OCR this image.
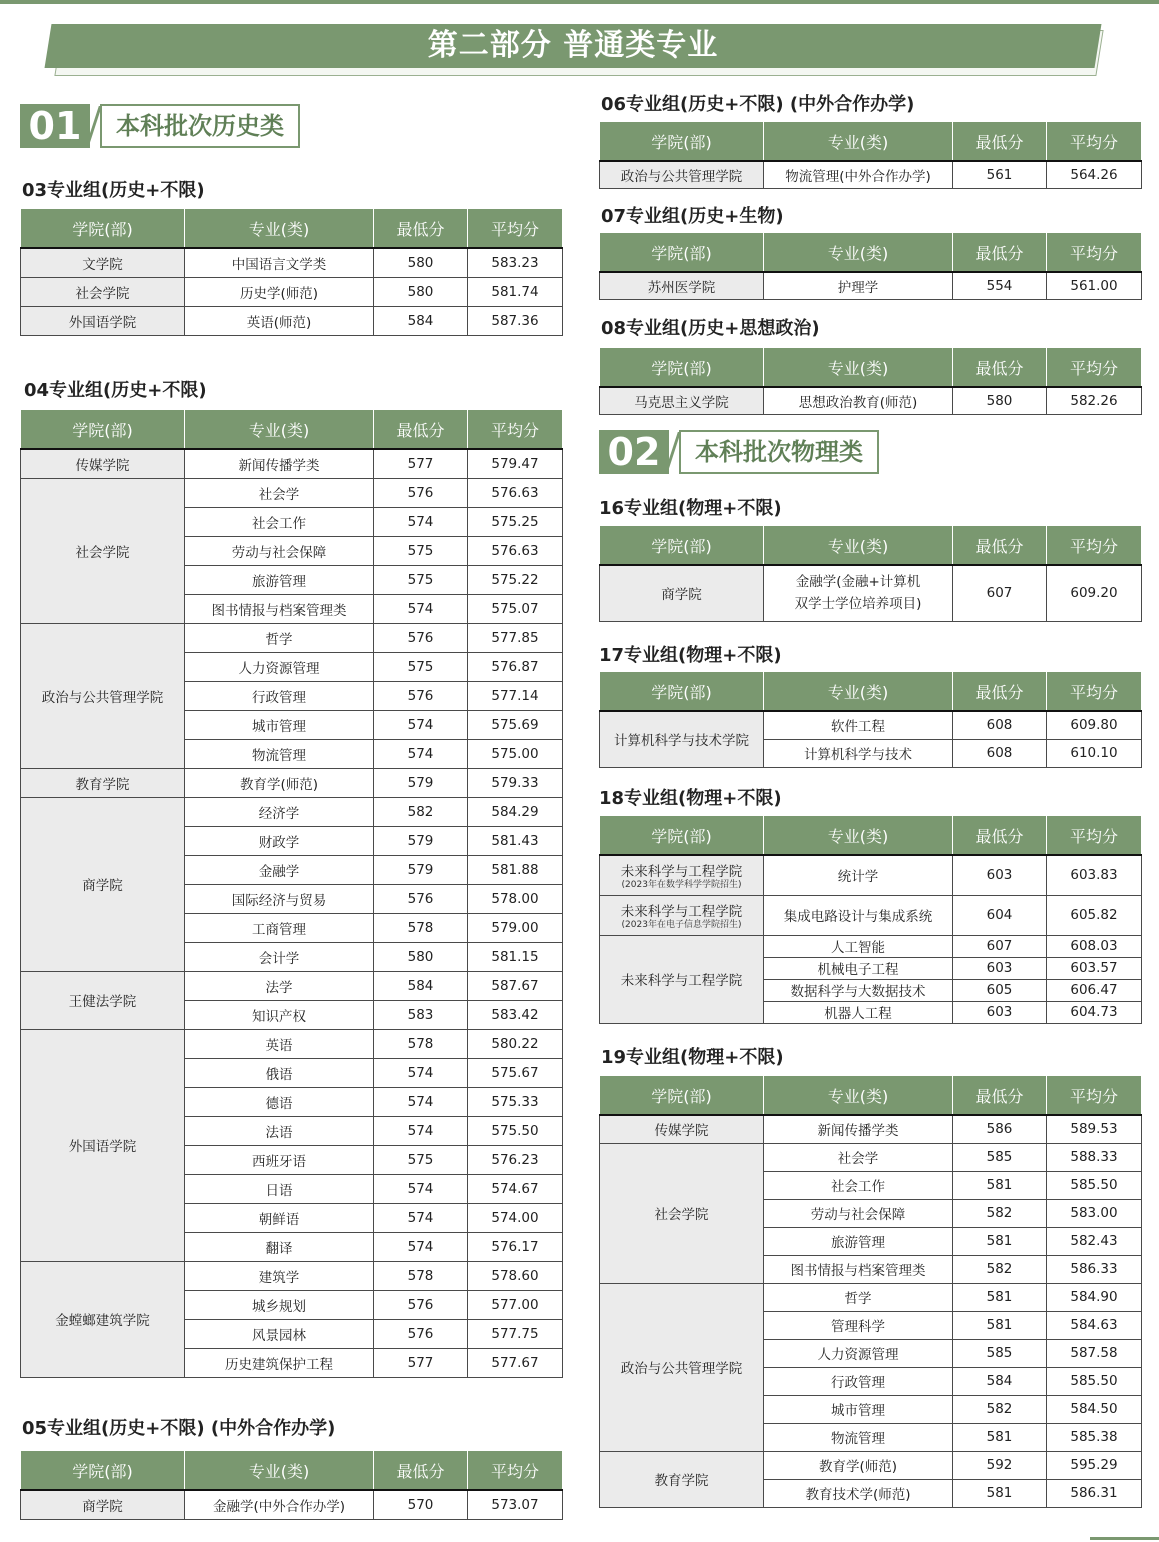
第二部分 普通类专业
01	本科批次历史类
02	本科批次物理类
03专业组(历史+不限)
学院(部)	专业(类)	最低分	平均分
文学院	中国语言文学类	580	583.23
社会学院	历史学(师范)	580	581.74
外国语学院	英语(师范)	584	587.36
04专业组(历史+不限)
学院(部)	专业(类)	最低分	平均分
传媒学院	新闻传播学类	577	579.47
社会学院	社会学	576	576.63
	社会工作	574	575.25
	劳动与社会保障	575	576.63
	旅游管理	575	575.22
	图书情报与档案管理类	574	575.07
政治与公共管理学院	哲学	576	577.85
	人力资源管理	575	576.87
	行政管理	576	577.14
	城市管理	574	575.69
	物流管理	574	575.00
教育学院	教育学(师范)	579	579.33
商学院	经济学	582	584.29
	财政学	579	581.43
	金融学	579	581.88
	国际经济与贸易	576	578.00
	工商管理	578	579.00
	会计学	580	581.15
王健法学院	法学	584	587.67
	知识产权	583	583.42
外国语学院	英语	578	580.22
	俄语	574	575.67
	德语	574	575.33
	法语	574	575.50
	西班牙语	575	576.23
	日语	574	574.67
	朝鲜语	574	574.00
	翻译	574	576.17
金螳螂建筑学院	建筑学	578	578.60
	城乡规划	576	577.00
	风景园林	576	577.75
	历史建筑保护工程	577	577.67
05专业组(历史+不限) (中外合作办学)
学院(部)	专业(类)	最低分	平均分
商学院	金融学(中外合作办学)	570	573.07
06专业组(历史+不限) (中外合作办学)
学院(部)	专业(类)	最低分	平均分
政治与公共管理学院	物流管理(中外合作办学)	561	564.26
07专业组(历史+生物)
学院(部)	专业(类)	最低分	平均分
苏州医学院	护理学	554	561.00
08专业组(历史+思想政治)
学院(部)	专业(类)	最低分	平均分
马克思主义学院	思想政治教育(师范)	580	582.26
16专业组(物理+不限)
学院(部)	专业(类)	最低分	平均分
商学院	金融学(金融+计算机
双学士学位培养项目)	607	609.20
17专业组(物理+不限)
学院(部)	专业(类)	最低分	平均分
计算机科学与技术学院	软件工程	608	609.80
	计算机科学与技术	608	610.10
18专业组(物理+不限)
学院(部)	专业(类)	最低分	平均分

未来科学与工程学院
(2023年在数学科学学院招生)	统计学	603	603.83

未来科学与工程学院
(2023年在电子信息学院招生)	集成电路设计与集成系统	604	605.82
未来科学与工程学院	人工智能	607	608.03
	机械电子工程	603	603.57
	数据科学与大数据技术	605	606.47
	机器人工程	603	604.73
19专业组(物理+不限)
学院(部)	专业(类)	最低分	平均分
传媒学院	新闻传播学类	586	589.53
社会学院	社会学	585	588.33
	社会工作	581	585.50
	劳动与社会保障	582	583.00
	旅游管理	581	582.43
	图书情报与档案管理类	582	586.33
政治与公共管理学院	哲学	581	584.90
	管理科学	581	584.63
	人力资源管理	585	587.58
	行政管理	584	585.50
	城市管理	582	584.50
	物流管理	581	585.38
教育学院	教育学(师范)	592	595.29
	教育技术学(师范)	581	586.31
